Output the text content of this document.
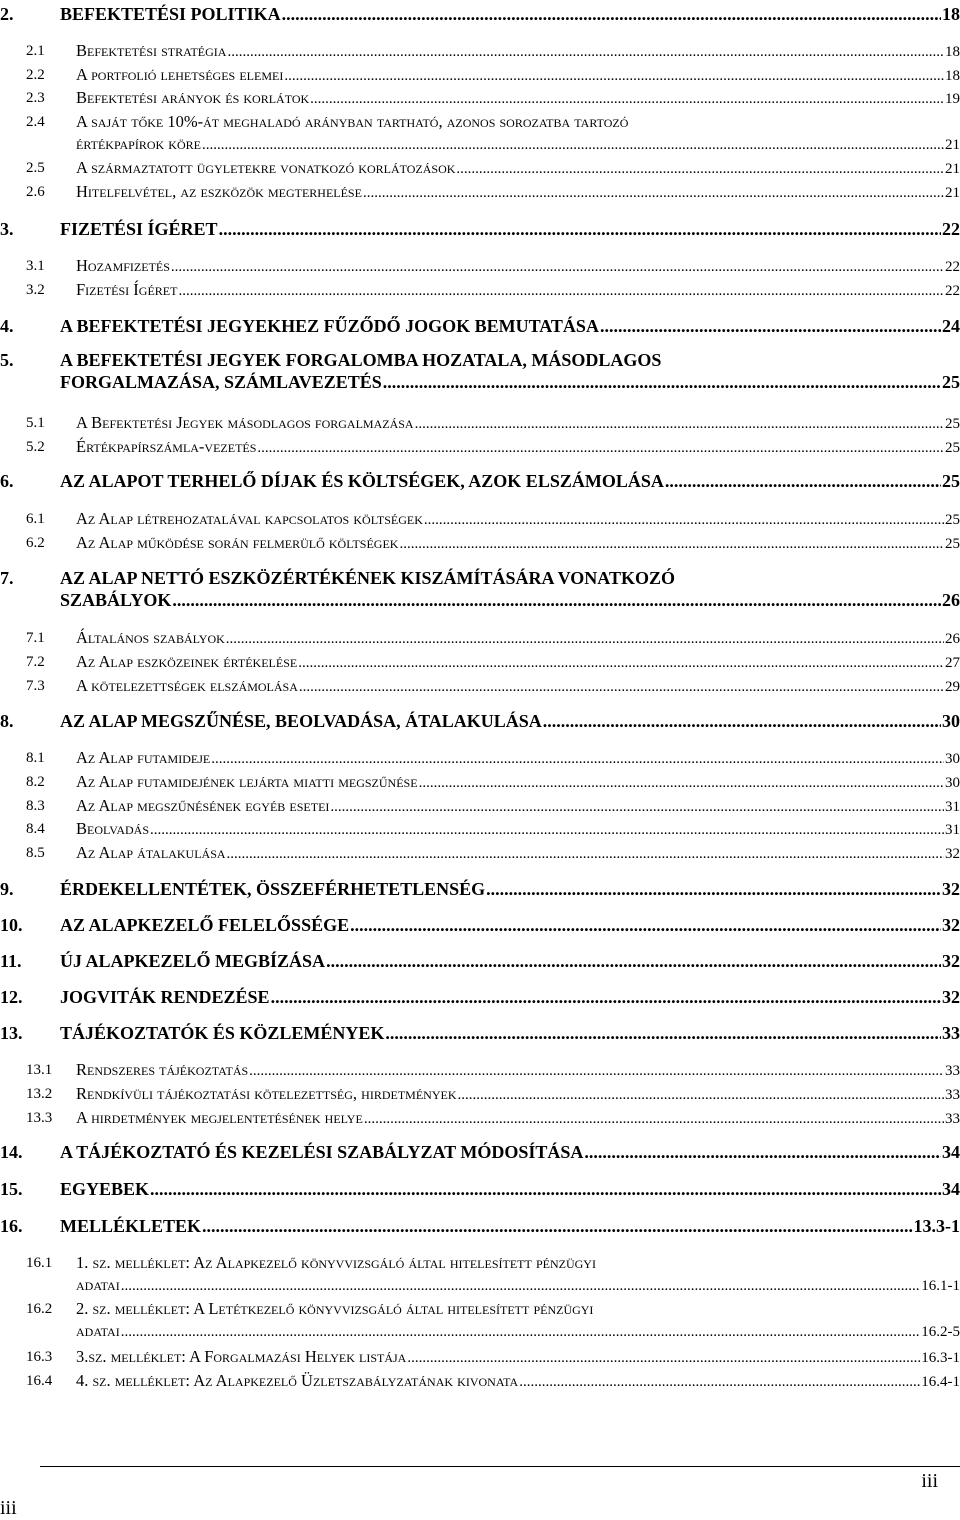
2.	BEFEKTETÉSI POLITIKA .....	18
2.1 Befektetési stratégia .....	18
2.2 A portfolió lehetséges elemei .....	18
2.3 Befektetési arányok és korlátok .....	19
2.4 A saját tőke 10%-át meghaladó arányban tartható, azonos sorozatba tartozó
értékpapírok köre .....	21
2.5 A származtatott ügyletekre vonatkozó korlátozások .....	21
2.6 Hitelfelvétel, az eszközök megterhelése .....	21
3.	FIZETÉSI ÍGÉRET .....	22
3.1 Hozamfizetés .....	22
3.2 Fizetési Ígéret .....	22
4.	A BEFEKTETÉSI JEGYEKHEZ FŰZŐDŐ JOGOK BEMUTATÁSA .....	24
5.	A BEFEKTETÉSI JEGYEK FORGALOMBA HOZATALA, MÁSODLAGOS
FORGALMAZÁSA, SZÁMLAVEZETÉS .....	25
5.1 A Befektetési Jegyek másodlagos forgalmazása .....	25
5.2 Értékpapírszámla-vezetés .....	25
6.	AZ ALAPOT TERHELŐ DÍJAK ÉS KÖLTSÉGEK, AZOK ELSZÁMOLÁSA .....	25
6.1 Az Alap létrehozatalával kapcsolatos költségek .....	25
6.2 Az Alap működése során felmerülő költségek .....	25
7.	AZ ALAP NETTÓ ESZKÖZÉRTÉKÉNEK KISZÁMÍTÁSÁRA VONATKOZÓ
SZABÁLYOK .....	26
7.1 Általános szabályok .....	26
7.2 Az Alap eszközeinek értékelése .....	27
7.3 A kötelezettségek elszámolása .....	29
8.	AZ ALAP MEGSZŰNÉSE, BEOLVADÁSA, ÁTALAKULÁSA .....	30
8.1 Az Alap futamideje .....	30
8.2 Az Alap futamidejének lejárta miatti megszűnése .....	30
8.3 Az Alap megszűnésének egyéb esetei .....	31
8.4 Beolvadás .....	31
8.5 Az Alap átalakulása .....	32
9.	ÉRDEKELLENTÉTEK, ÖSSZEFÉRHETETLENSÉG .....	32
10. AZ ALAPKEZELŐ FELELŐSSÉGE .....	32
11. ÚJ ALAPKEZELŐ MEGBÍZÁSA .....	32
12. JOGVITÁK RENDEZÉSE .....	32
13. TÁJÉKOZTATÓK ÉS KÖZLEMÉNYEK .....	33
13.1 Rendszeres tájékoztatás .....	33
13.2 Rendkívüli tájékoztatási kötelezettség, hirdetmények .....	33
13.3 A hirdetmények megjelentetésének helye .....	33
14. A TÁJÉKOZTATÓ ÉS KEZELÉSI SZABÁLYZAT MÓDOSÍTÁSA .....	34
15. EGYEBEK .....	34
16. MELLÉKLETEK .....	13.3-1
16.1 1. sz. melléklet: Az Alapkezelő könyvvizsgáló által hitelesített pénzügyi
adatai .....	16.1-1
16.2 2. sz. melléklet: A Letétkezelő könyvvizsgáló által hitelesített pénzügyi
adatai .....	16.2-5
16.3 3.sz. melléklet: A Forgalmazási Helyek listája .....	16.3-1
16.4 4. sz. melléklet: Az Alapkezelő Üzletszabályzatának kivonata .....	16.4-1
iii
iii
